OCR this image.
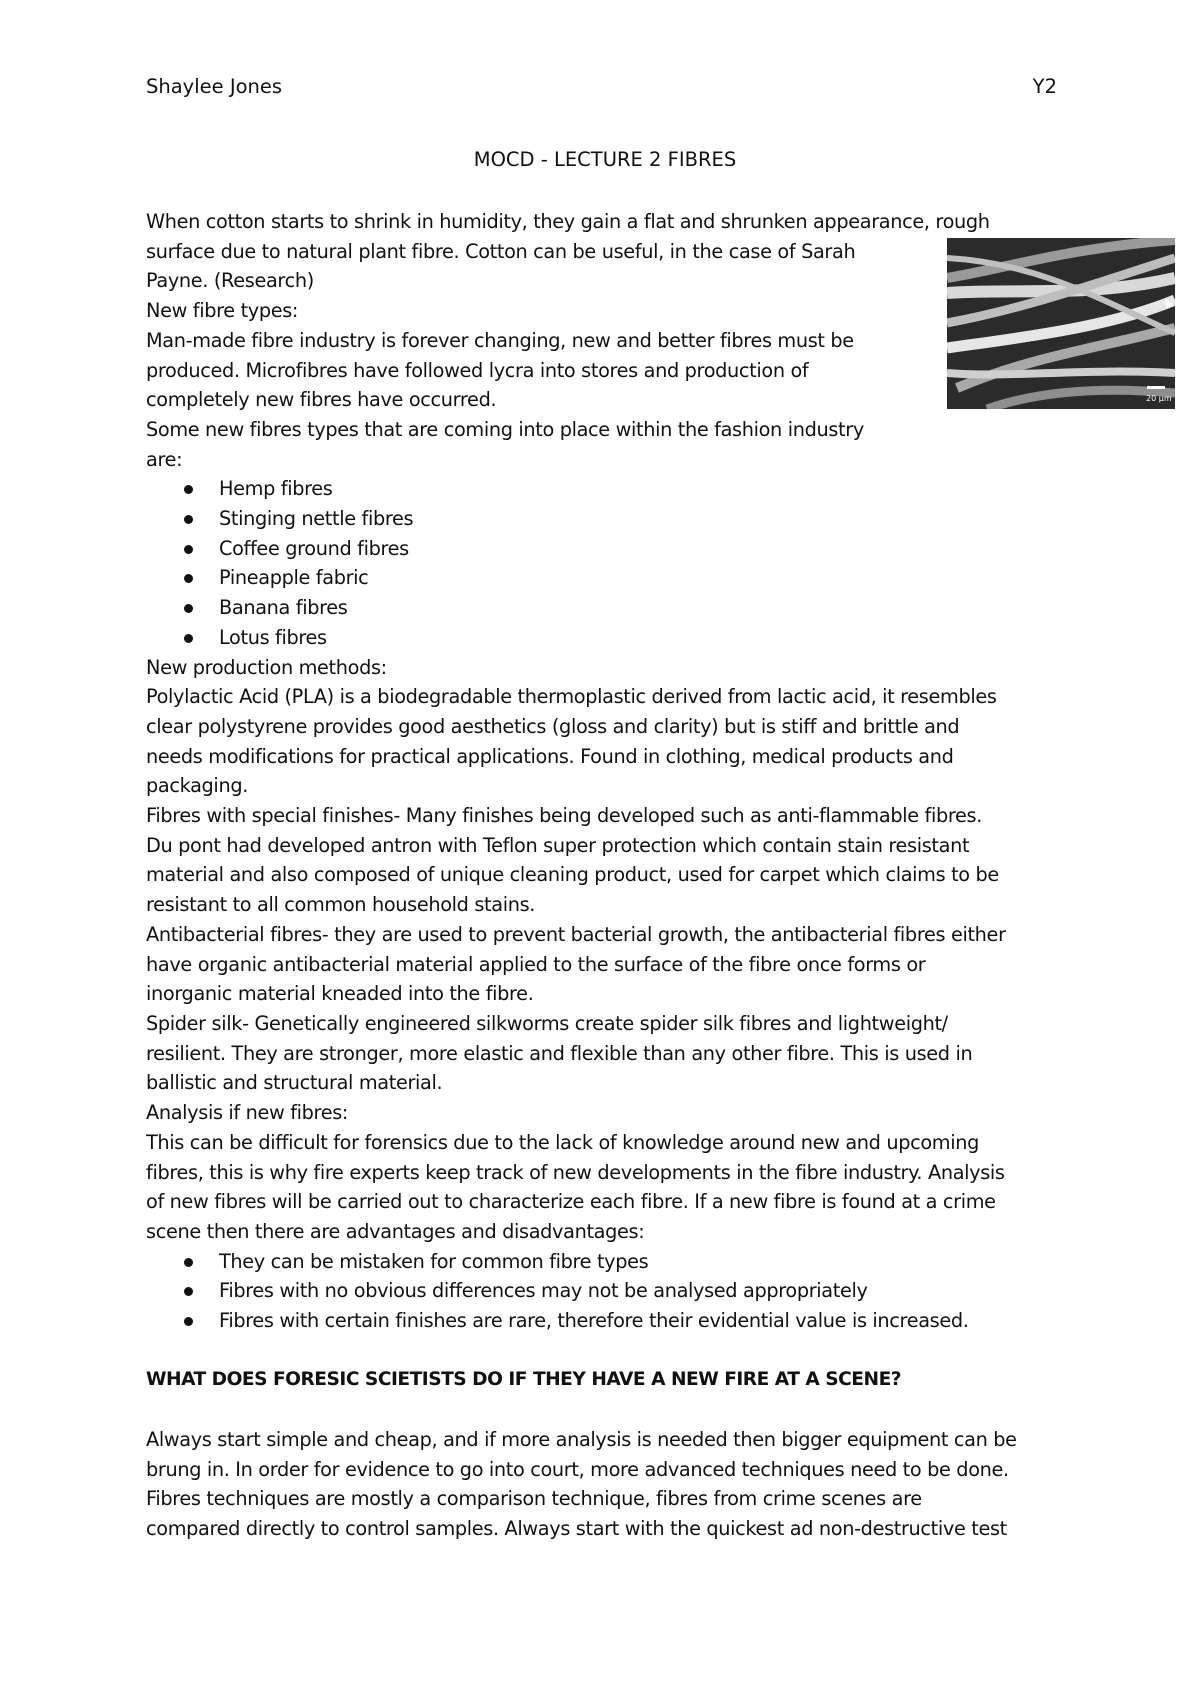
Shaylee Jones	Y2
MOCD - LECTURE 2 FIBRES
20 µm

When cotton starts to shrink in humidity, they gain a flat and shrunken appearance, rough

surface due to natural plant fibre. Cotton can be useful, in the case of Sarah

Payne. (Research)

New fibre types:

Man-made fibre industry is forever changing, new and better fibres must be

produced. Microfibres have followed lycra into stores and production of

completely new fibres have occurred.

Some new fibres types that are coming into place within the fashion industry

are:

Hemp fibres
Stinging nettle fibres
Coffee ground fibres
Pineapple fabric
Banana fibres
Lotus fibres

New production methods:

Polylactic Acid (PLA) is a biodegradable thermoplastic derived from lactic acid, it resembles

clear polystyrene provides good aesthetics (gloss and clarity) but is stiff and brittle and

needs modifications for practical applications. Found in clothing, medical products and

packaging.

Fibres with special finishes- Many finishes being developed such as anti-flammable fibres.

Du pont had developed antron with Teflon super protection which contain stain resistant

material and also composed of unique cleaning product, used for carpet which claims to be

resistant to all common household stains.

Antibacterial fibres- they are used to prevent bacterial growth, the antibacterial fibres either

have organic antibacterial material applied to the surface of the fibre once forms or

inorganic material kneaded into the fibre.

Spider silk- Genetically engineered silkworms create spider silk fibres and lightweight/

resilient. They are stronger, more elastic and flexible than any other fibre. This is used in

ballistic and structural material.

Analysis if new fibres:

This can be difficult for forensics due to the lack of knowledge around new and upcoming

fibres, this is why fire experts keep track of new developments in the fibre industry. Analysis

of new fibres will be carried out to characterize each fibre. If a new fibre is found at a crime

scene then there are advantages and disadvantages:

They can be mistaken for common fibre types
Fibres with no obvious differences may not be analysed appropriately
Fibres with certain finishes are rare, therefore their evidential value is increased.

WHAT DOES FORESIC SCIETISTS DO IF THEY HAVE A NEW FIRE AT A SCENE?

Always start simple and cheap, and if more analysis is needed then bigger equipment can be

brung in. In order for evidence to go into court, more advanced techniques need to be done.

Fibres techniques are mostly a comparison technique, fibres from crime scenes are

compared directly to control samples. Always start with the quickest ad non-destructive test
